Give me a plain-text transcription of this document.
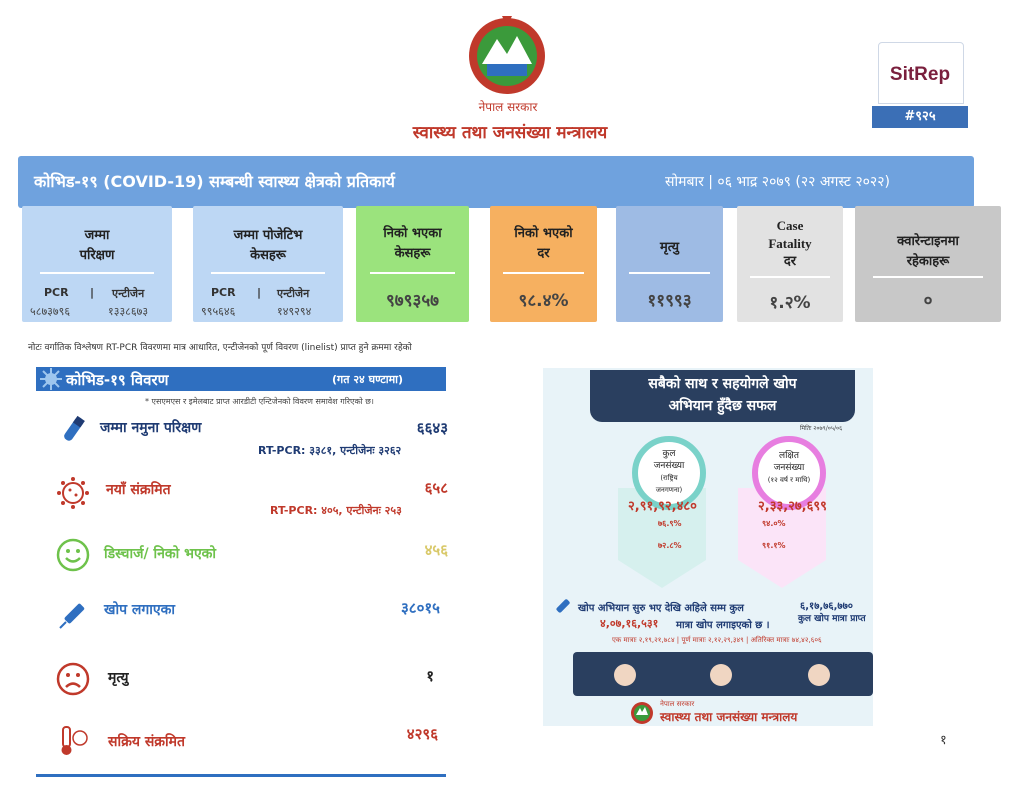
नेपाल सरकार
स्वास्थ्य तथा जनसंख्या मन्त्रालय
SitRep
#९२५
कोभिड-१९ (COVID-19) सम्बन्धी स्वास्थ्य क्षेत्रको प्रतिकार्य	सोमबार | ०६ भाद्र २०७९ (२२ अगस्ट २०२२)
जम्मा
परिक्षण
PCR | एन्टीजेन
५८७३७९६	१३३८६७३
जम्मा पोजेटिभ
केसहरू
PCR | एन्टीजेन
९९५६४६	१४९२९४
निको भएका
केसहरू
९७९३५७
निको भएको
दर
९८.४%
मृत्यु
११९९३
Case
Fatality
दर
१.२%
क्वारेन्टाइनमा
रहेकाहरू
०
नोटः वर्गातिक विश्लेषण RT-PCR विवरणमा मात्र आधारित, एन्टीजेनको पूर्ण विवरण (linelist) प्राप्त हुने क्रममा रहेको
कोभिड-१९ विवरण	(गत २४ घण्टामा)
* एसएमएस र इमेलबाट प्राप्त आरडीटी एन्टिजेनको विवरण समावेश गरिएको छ।
जम्मा नमुना परिक्षण	६६४३
RT-PCR: ३३८१, एन्टीजेनः ३२६२
नयाँ संक्रमित	६५८
RT-PCR: ४०५, एन्टीजेनः २५३
डिस्चार्ज/ निको भएको	४५६
खोप लगाएका	३८०१५
मृत्यु	१
सक्रिय संक्रमित	४२९६
सबैको साथ र सहयोगले खोप
अभियान हुँदैछ सफल
मितिः २०७९/०५/०६
कुल
जनसंख्या
(राष्ट्रिय
जनगणना)
लक्षित
जनसंख्या
(१२ वर्ष र माथि)
२,९१,९२,४८०
७६.९%
७२.८%
२,३३,२७,६९९
९४.०%
९१.१%
खोप अभियान सुरु भए देखि अहिले सम्म कुल
४,०७,१६,५३१ मात्रा खोप लगाइएको छ ।
६,१७,७६,७७०
कुल खोप मात्रा प्राप्त
एक मात्राः २,१९,२१,७८४ | पूर्ण मात्राः २,१२,२९,३४९ | अतिरिक्त मात्राः ७४,४२,६०६
नेपाल सरकार
स्वास्थ्य तथा जनसंख्या मन्त्रालय
१
